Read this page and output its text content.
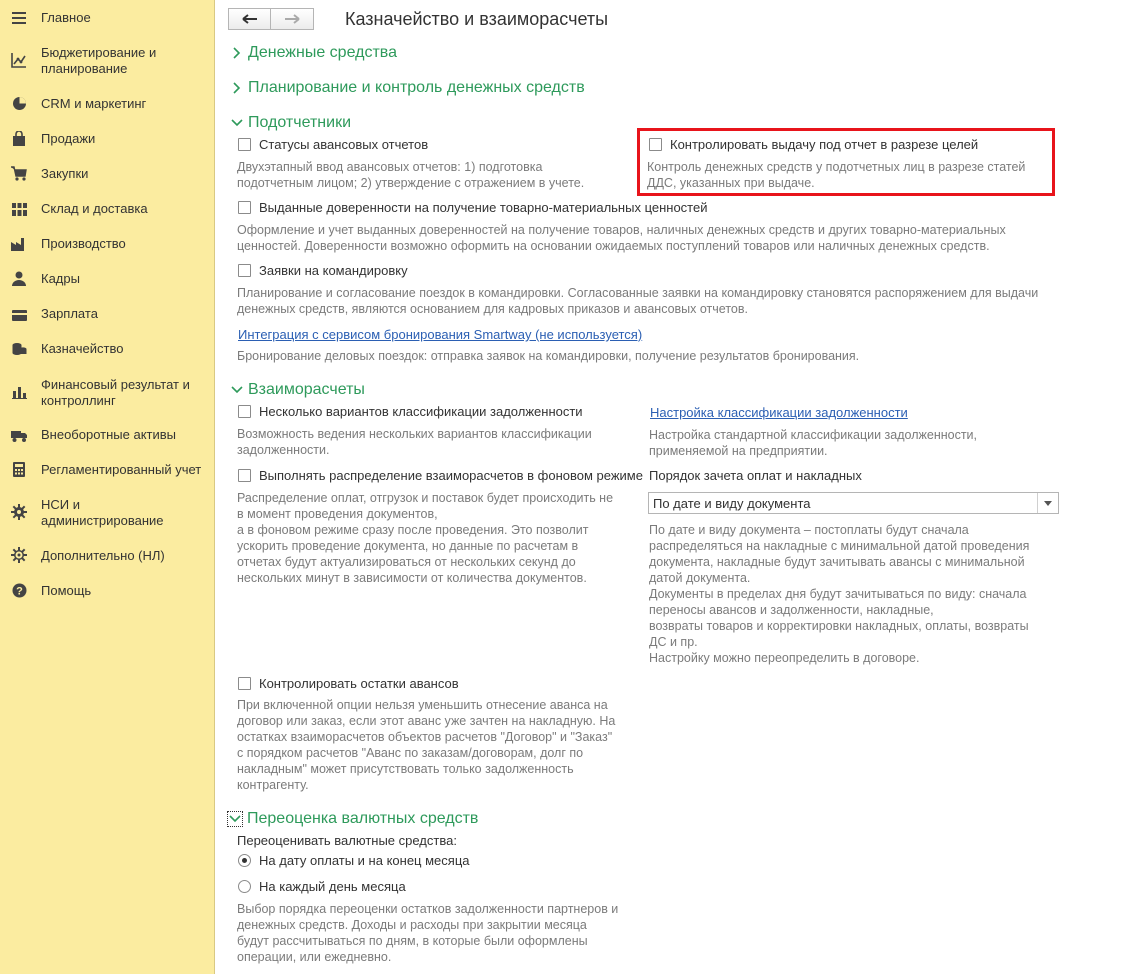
Главное
Бюджетирование и планирование
CRM и маркетинг
Продажи
Закупки
Склад и доставка
Производство
Кадры
Зарплата
Казначейство
Финансовый результат и контроллинг
Внеоборотные активы
Регламентированный учет
НСИ и администрирование
Дополнительно (НЛ)
? Помощь
Казначейство и взаиморасчеты
Денежные средства
Планирование и контроль денежных средств
Подотчетники
Статусы авансовых отчетов
Двухэтапный ввод авансовых отчетов: 1) подготовка
подотчетным лицом; 2) утверждение с отражением в учете.
Контролировать выдачу под отчет в разрезе целей
Контроль денежных средств у подотчетных лиц в разрезе статей
ДДС, указанных при выдаче.
Выданные доверенности на получение товарно-материальных ценностей
Оформление и учет выданных доверенностей на получение товаров, наличных денежных средств и других товарно-материальных
ценностей. Доверенности возможно оформить на основании ожидаемых поступлений товаров или наличных денежных средств.
Заявки на командировку
Планирование и согласование поездок в командировки. Согласованные заявки на командировку становятся распоряжением для выдачи
денежных средств, являются основанием для кадровых приказов и авансовых отчетов.
Интеграция с сервисом бронирования Smartway (не используется)
Бронирование деловых поездок: отправка заявок на командировки, получение результатов бронирования.
Взаиморасчеты
Несколько вариантов классификации задолженности
Возможность ведения нескольких вариантов классификации
задолженности.
Настройка классификации задолженности
Настройка стандартной классификации задолженности,
применяемой на предприятии.
Выполнять распределение взаиморасчетов в фоновом режиме
Распределение оплат, отгрузок и поставок будет происходить не
в момент проведения документов,
а в фоновом режиме сразу после проведения. Это позволит
ускорить проведение документа, но данные по расчетам в
отчетах будут актуализироваться от нескольких секунд до
нескольких минут в зависимости от количества документов.
Порядок зачета оплат и накладных
По дате и виду документа
По дате и виду документа – постоплаты будут сначала
распределяться на накладные с минимальной датой проведения
документа, накладные будут зачитывать авансы с минимальной
датой документа.
Документы в пределах дня будут зачитываться по виду: сначала
переносы авансов и задолженности, накладные,
возвраты товаров и корректировки накладных, оплаты, возвраты
ДС и пр.
Настройку можно переопределить в договоре.
Контролировать остатки авансов
При включенной опции нельзя уменьшить отнесение аванса на
договор или заказ, если этот аванс уже зачтен на накладную. На
остатках взаиморасчетов объектов расчетов "Договор" и "Заказ"
с порядком расчетов "Аванс по заказам/договорам, долг по
накладным" может присутствовать только задолженность
контрагенту.
Переоценка валютных средств
Переоценивать валютные средства:
На дату оплаты и на конец месяца
На каждый день месяца
Выбор порядка переоценки остатков задолженности партнеров и
денежных средств. Доходы и расходы при закрытии месяца
будут рассчитываться по дням, в которые были оформлены
операции, или ежедневно.
